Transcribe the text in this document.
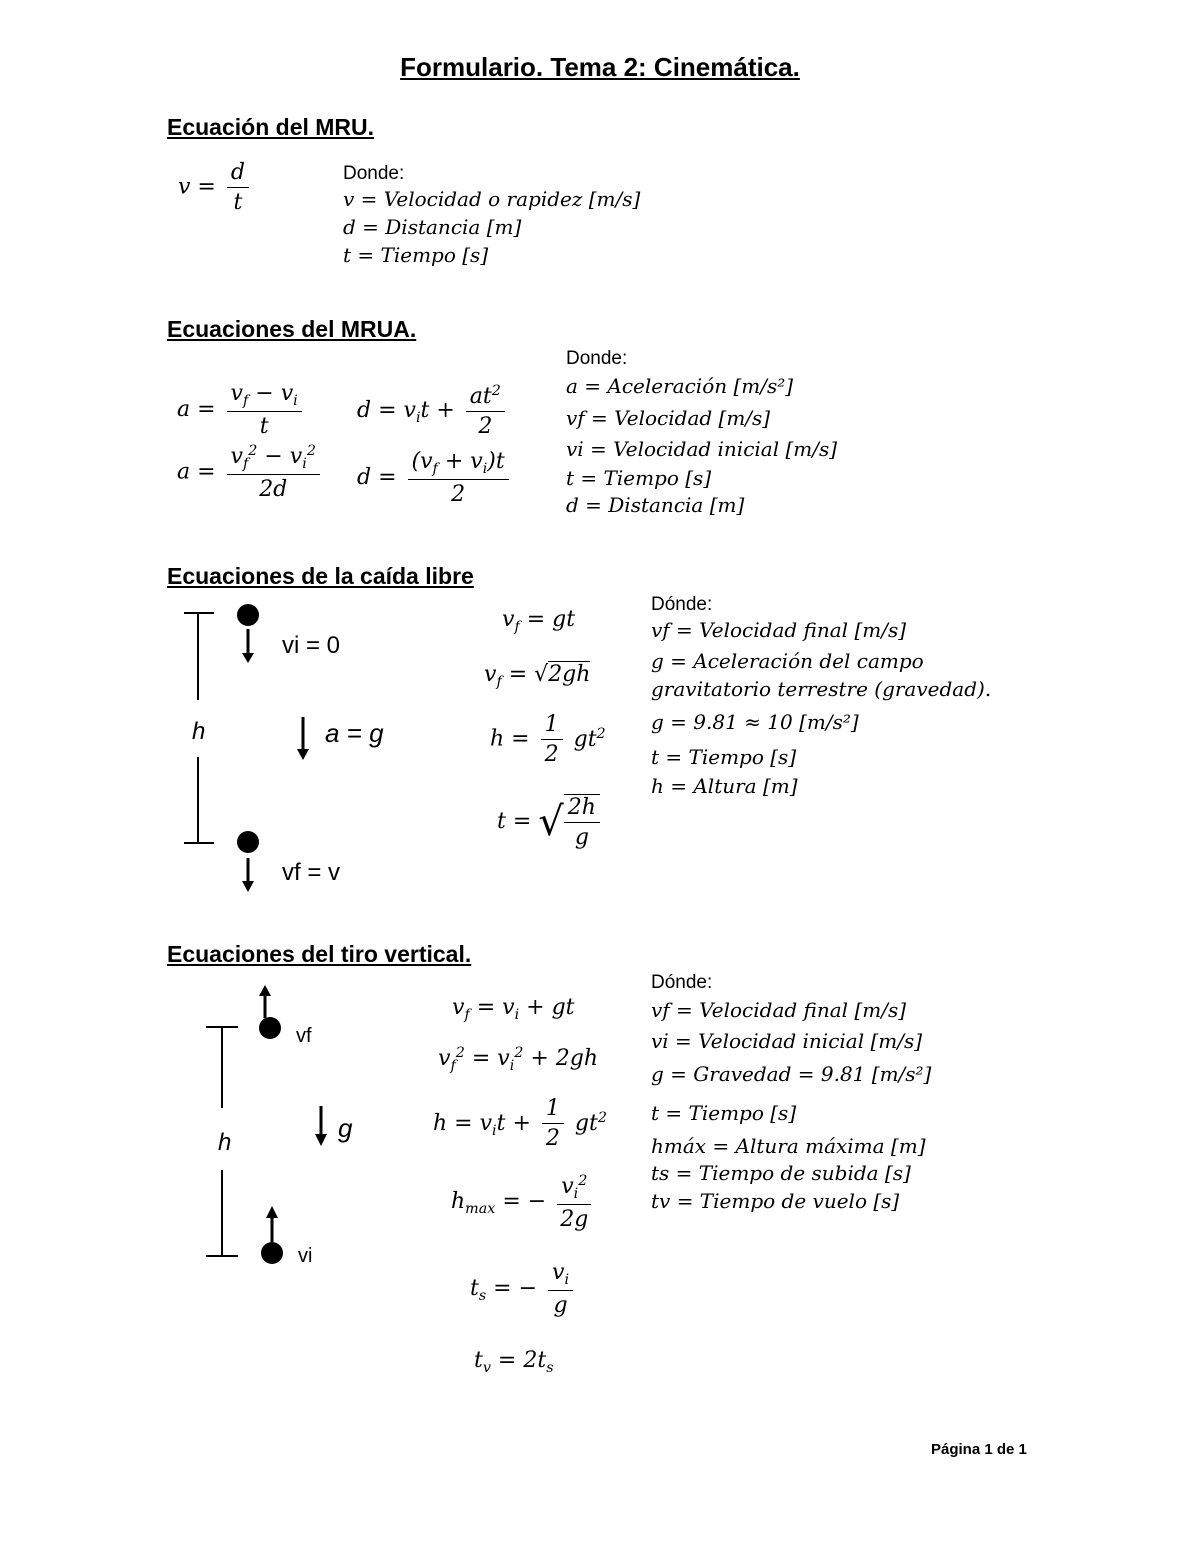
Formulario. Tema 2: Cinemática.
Ecuación del MRU.
$v = \frac{d}{t}$	Donde:
v = Velocidad o rapidez [m/s]
d = Distancia [m]
t = Tiempo [s]
Ecuaciones del MRUA.
$a = \frac{v_f - v_i}{t}$
$a = \frac{v_f^2 - v_i^2}{2d}$
$d = v_it + \frac{at^2}{2}$
$d = \frac{(v_f + v_i)t}{2}$
Donde:
a = Aceleración [m/s²]
vf = Velocidad [m/s]
vi = Velocidad inicial [m/s]
t = Tiempo [s]
d = Distancia [m]
Ecuaciones de la caída libre
h
vi = 0
a = g
vf = v
$v_f$ = gt
$v_f = √2gh$
$h = \frac{1}{2} gt^2$
t = √ $\frac{2h}{g}$
Dónde:
vf = Velocidad final [m/s]
g = Aceleración del campo
gravitatorio terrestre (gravedad).
g = 9.81 ≈ 10 [m/s²]
t = Tiempo [s]
h = Altura [m]
Ecuaciones del tiro vertical.
h
vf
g
vi
$v_f = v_i$ + gt
$v_f^2 = v_i^2 + 2gh$
$h = v_it + \frac{1}{2} gt^2$
$h_{max}$ = − $\frac{v_i^2}{2g}$
$t_s$ = − $\frac{v_i}{g}$
$t_v = 2t_s$
Dónde:
vf = Velocidad final [m/s]
vi = Velocidad inicial [m/s]
g = Gravedad = 9.81 [m/s²]
t = Tiempo [s]
hmáx = Altura máxima [m]
ts = Tiempo de subida [s]
tv = Tiempo de vuelo [s]
Página 1 de 1
